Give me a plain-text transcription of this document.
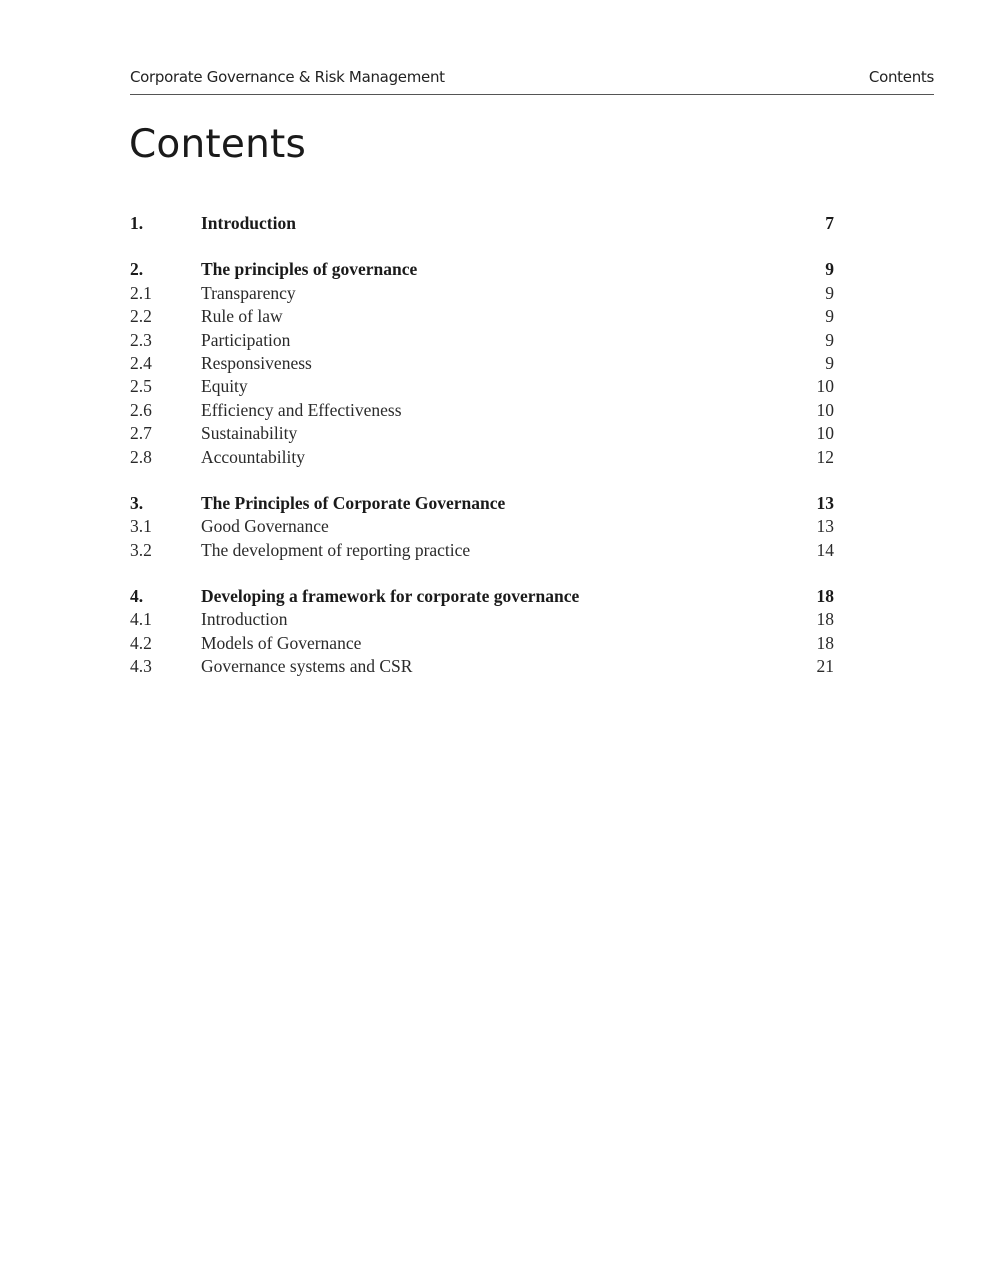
Corporate Governance & Risk Management	Contents
Contents
1.	Introduction	7
2.	The principles of governance	9
2.1	Transparency	9
2.2	Rule of law	9
2.3	Participation	9
2.4	Responsiveness	9
2.5	Equity	10
2.6	Efficiency and Effectiveness	10
2.7	Sustainability	10
2.8	Accountability	12
3.	The Principles of Corporate Governance	13
3.1	Good Governance	13
3.2	The development of reporting practice	14
4.	Developing a framework for corporate governance	18
4.1	Introduction	18
4.2	Models of Governance	18
4.3	Governance systems and CSR	21
